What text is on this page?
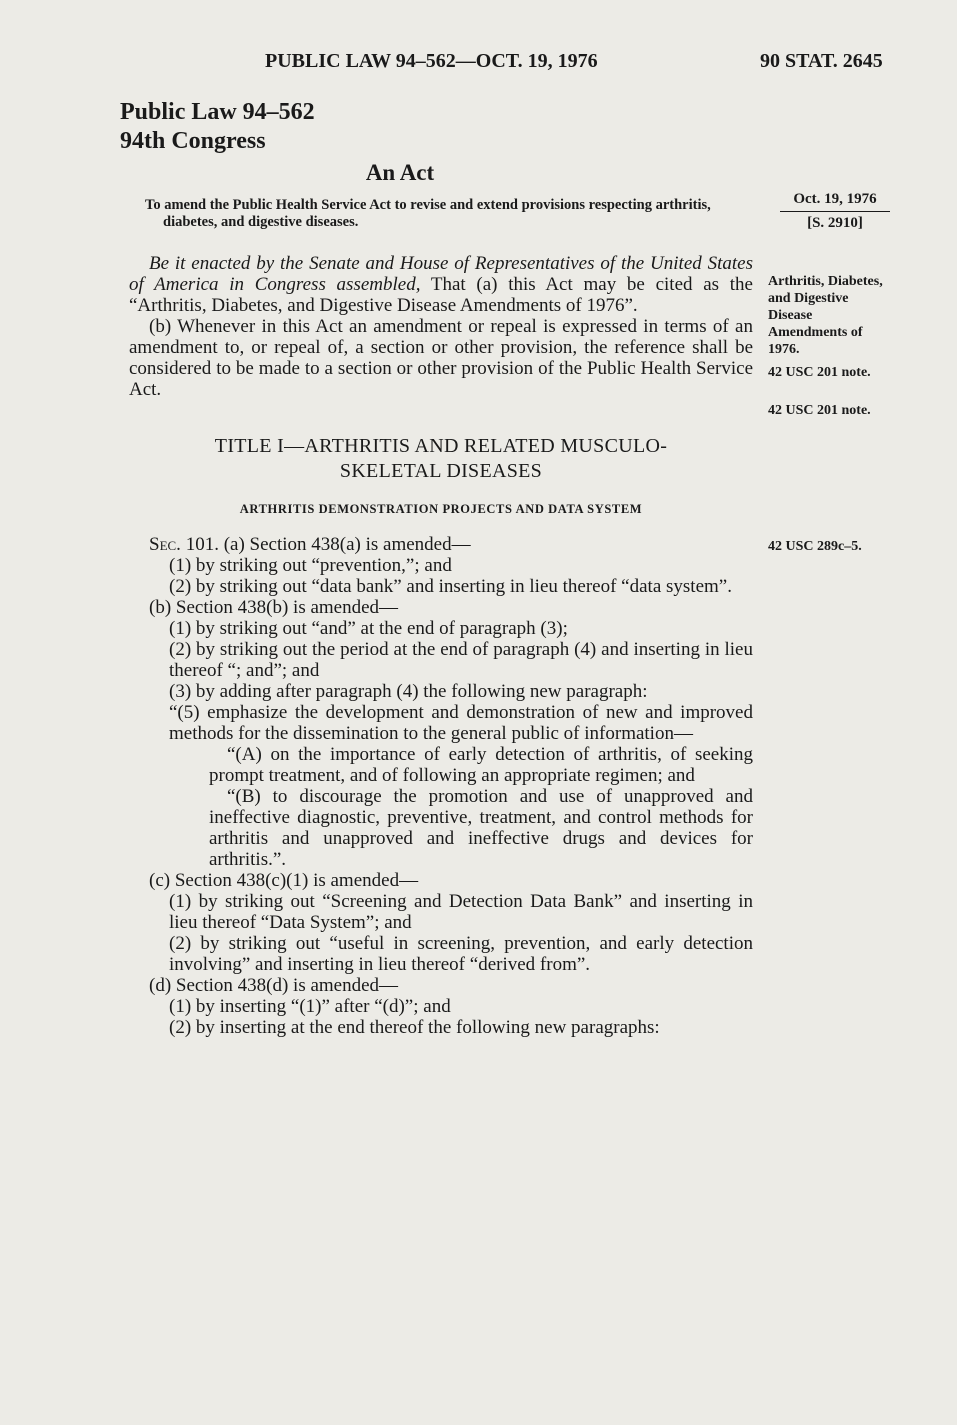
PUBLIC LAW 94–562—OCT. 19, 1976	90 STAT. 2645
Public Law 94–562
94th Congress
An Act
To amend the Public Health Service Act to revise and extend provisions respecting arthritis, diabetes, and digestive diseases.
Oct. 19, 1976
[S. 2910]
Arthritis, Diabetes, and Digestive Disease Amendments of 1976.
42 USC 201 note.
42 USC 201 note.
42 USC 289c–5.

Be it enacted by the Senate and House of Representatives of the United States of America in Congress assembled, That (a) this Act may be cited as the “Arthritis, Diabetes, and Digestive Disease Amendments of 1976”.

(b) Whenever in this Act an amendment or repeal is expressed in terms of an amendment to, or repeal of, a section or other provision, the reference shall be considered to be made to a section or other provision of the Public Health Service Act.

TITLE I—ARTHRITIS AND RELATED MUSCULO-
SKELETAL DISEASES
ARTHRITIS DEMONSTRATION PROJECTS AND DATA SYSTEM

Sec. 101. (a) Section 438(a) is amended—

(1) by striking out “prevention,”; and

(2) by striking out “data bank” and inserting in lieu thereof “data system”.

(b) Section 438(b) is amended—

(1) by striking out “and” at the end of paragraph (3);

(2) by striking out the period at the end of paragraph (4) and inserting in lieu thereof “; and”; and

(3) by adding after paragraph (4) the following new paragraph:

“(5) emphasize the development and demonstration of new and improved methods for the dissemination to the general public of information—

“(A) on the importance of early detection of arthritis, of seeking prompt treatment, and of following an appropriate regimen; and

“(B) to discourage the promotion and use of unapproved and ineffective diagnostic, preventive, treatment, and control methods for arthritis and unapproved and ineffective drugs and devices for arthritis.”.

(c) Section 438(c)(1) is amended—

(1) by striking out “Screening and Detection Data Bank” and inserting in lieu thereof “Data System”; and

(2) by striking out “useful in screening, prevention, and early detection involving” and inserting in lieu thereof “derived from”.

(d) Section 438(d) is amended—

(1) by inserting “(1)” after “(d)”; and

(2) by inserting at the end thereof the following new paragraphs:
